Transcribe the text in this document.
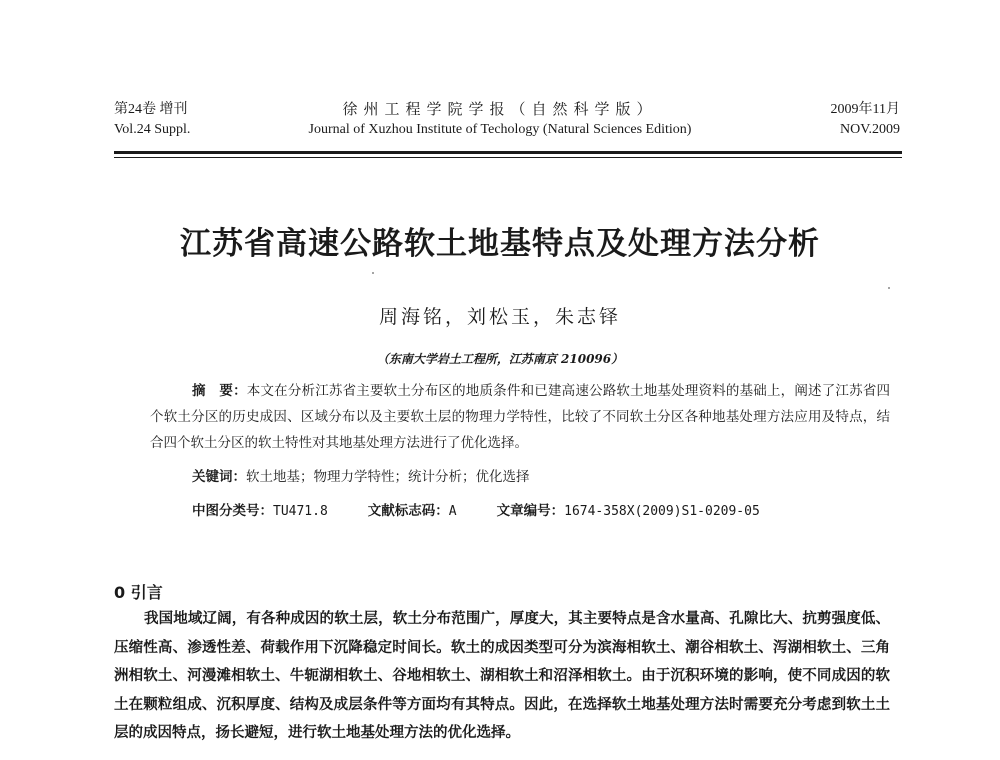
第24卷 增刊
Vol.24 Suppl.
徐州工程学院学报（自然科学版）
Journal of Xuzhou Institute of Techology (Natural Sciences Edition)
2009年11月
NOV.2009
江苏省高速公路软土地基特点及处理方法分析
周海铭，刘松玉，朱志铎
（东南大学岩土工程所，江苏南京 210096）
摘　要：本文在分析江苏省主要软土分布区的地质条件和已建高速公路软土地基处理资料的基础上，阐述了江苏省四个软土分区的历史成因、区域分布以及主要软土层的物理力学特性，比较了不同软土分区各种地基处理方法应用及特点，结合四个软土分区的软土特性对其地基处理方法进行了优化选择。
关键词：软土地基；物理力学特性；统计分析；优化选择
中图分类号：TU471.8	文献标志码：A	文章编号：1674-358X(2009)S1-0209-05
0 引言
我国地域辽阔，有各种成因的软土层，软土分布范围广，厚度大，其主要特点是含水量高、孔隙比大、抗剪强度低、压缩性高、渗透性差、荷载作用下沉降稳定时间长。软土的成因类型可分为滨海相软土、潮谷相软土、泻湖相软土、三角洲相软土、河漫滩相软土、牛轭湖相软土、谷地相软土、湖相软土和沼泽相软土。由于沉积环境的影响，使不同成因的软土在颗粒组成、沉积厚度、结构及成层条件等方面均有其特点。因此，在选择软土地基处理方法时需要充分考虑到软土土层的成因特点，扬长避短，进行软土地基处理方法的优化选择。
